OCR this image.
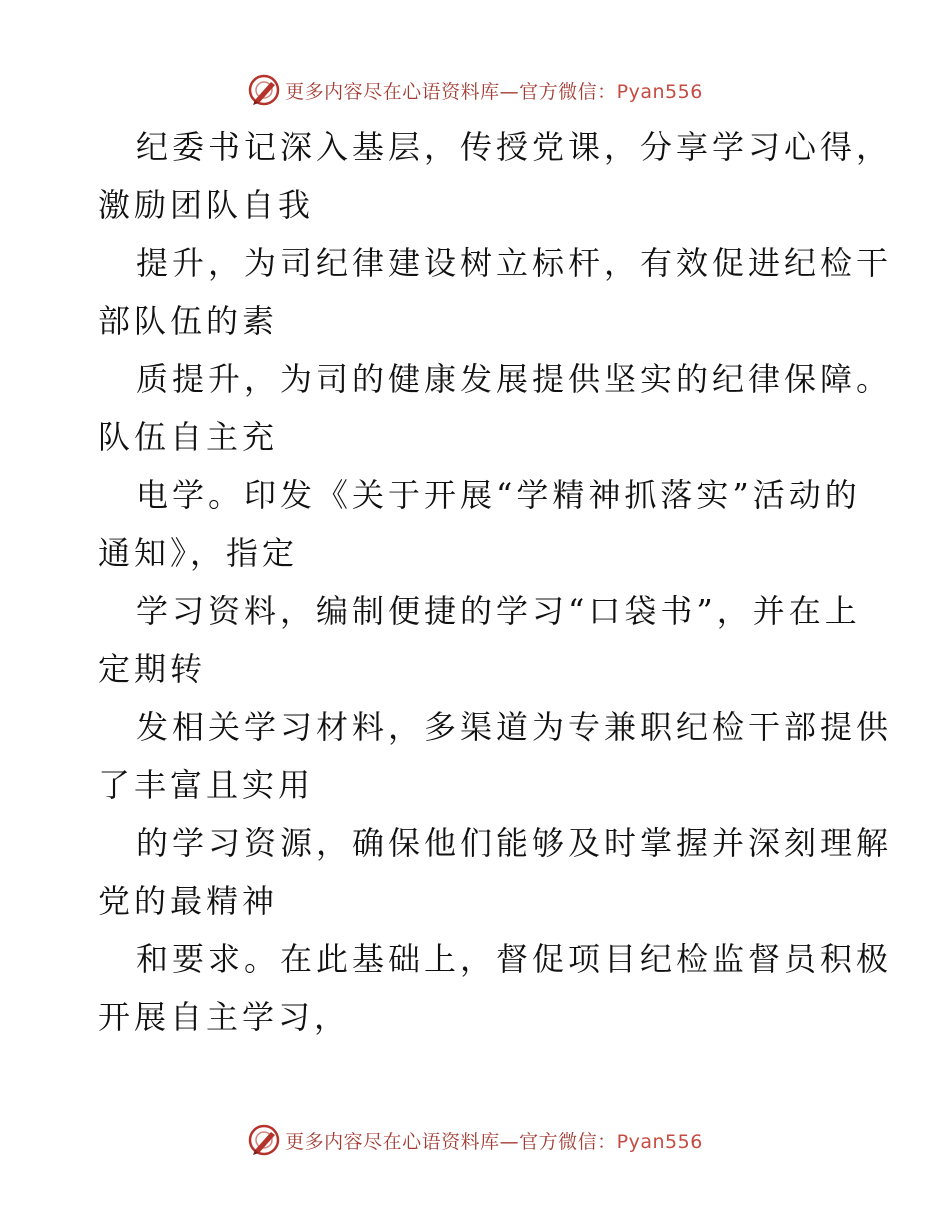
更多内容尽在心语资料库—官方微信：Pyan556

纪委书记深入基层，传授党课，分享学习心得，
激励团队自我

提升，为司纪律建设树立标杆，有效促进纪检干
部队伍的素

质提升，为司的健康发展提供坚实的纪律保障。
队伍自主充

电学。印发《关于开展“学精神抓落实”活动的
通知》，指定

学习资料，编制便捷的学习“口袋书”，并在上
定期转

发相关学习材料，多渠道为专兼职纪检干部提供
了丰富且实用

的学习资源，确保他们能够及时掌握并深刻理解
党的最精神

和要求。在此基础上，督促项目纪检监督员积极
开展自主学习，

更多内容尽在心语资料库—官方微信：Pyan556
